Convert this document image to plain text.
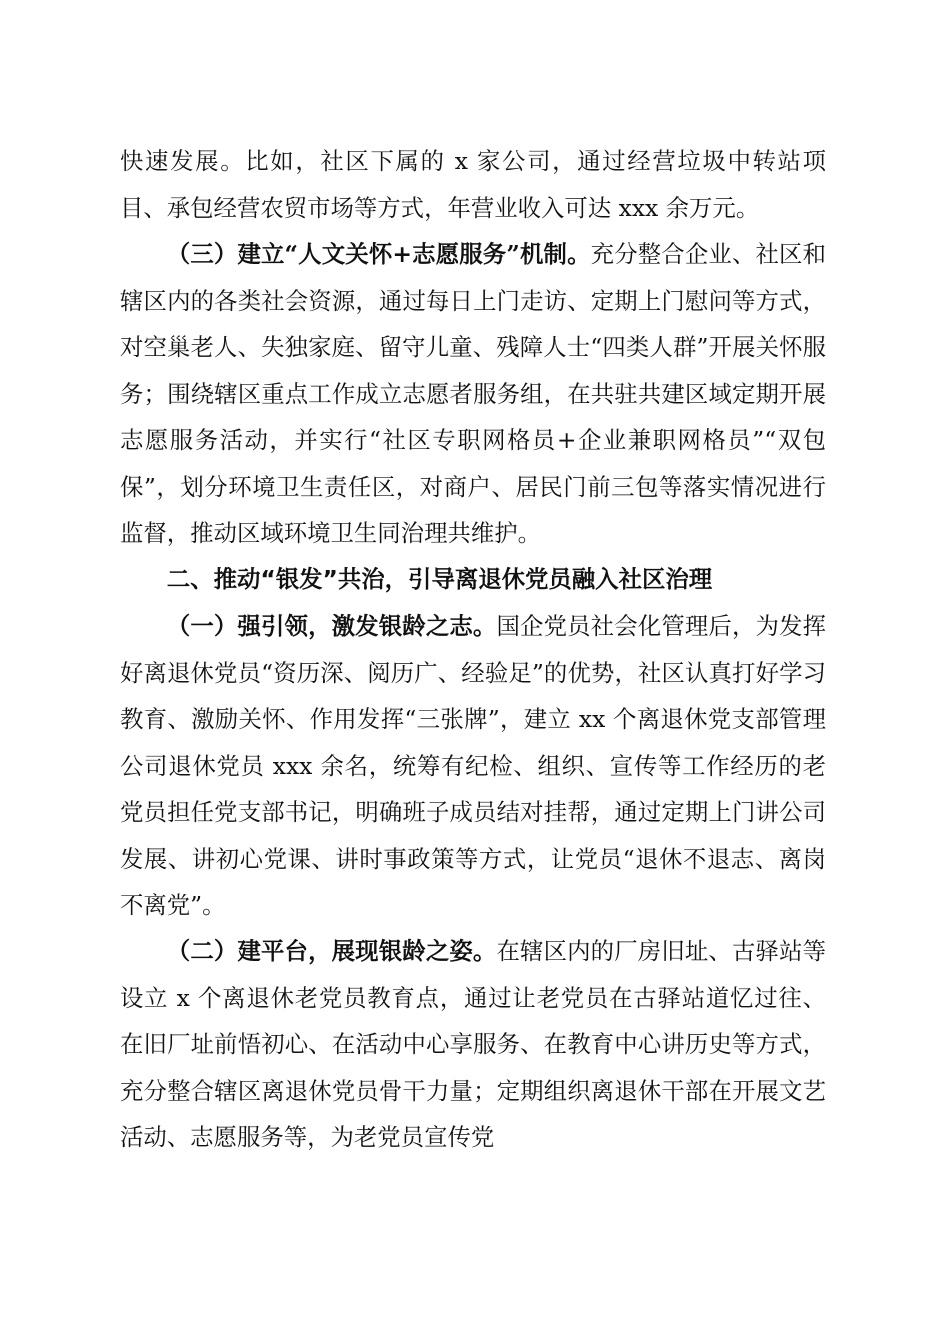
快速发展。比如，社区下属的 x 家公司，通过经营垃圾中转站项目、承包经营农贸市场等方式，年营业收入可达 xxx 余万元。

（三）建立“人文关怀+志愿服务”机制。充分整合企业、社区和辖区内的各类社会资源，通过每日上门走访、定期上门慰问等方式，对空巢老人、失独家庭、留守儿童、残障人士“四类人群”开展关怀服务；围绕辖区重点工作成立志愿者服务组，在共驻共建区域定期开展志愿服务活动，并实行“社区专职网格员+企业兼职网格员”“双包保”，划分环境卫生责任区，对商户、居民门前三包等落实情况进行监督，推动区域环境卫生同治理共维护。

二、推动“银发”共治，引导离退休党员融入社区治理

（一）强引领，激发银龄之志。国企党员社会化管理后，为发挥好离退休党员“资历深、阅历广、经验足”的优势，社区认真打好学习教育、激励关怀、作用发挥“三张牌”，建立 xx 个离退休党支部管理公司退休党员 xxx 余名，统筹有纪检、组织、宣传等工作经历的老党员担任党支部书记，明确班子成员结对挂帮，通过定期上门讲公司发展、讲初心党课、讲时事政策等方式，让党员“退休不退志、离岗不离党”。

（二）建平台，展现银龄之姿。在辖区内的厂房旧址、古驿站等设立 x 个离退休老党员教育点，通过让老党员在古驿站道忆过往、在旧厂址前悟初心、在活动中心享服务、在教育中心讲历史等方式，充分整合辖区离退休党员骨干力量；定期组织离退休干部在开展文艺活动、志愿服务等，为老党员宣传党
